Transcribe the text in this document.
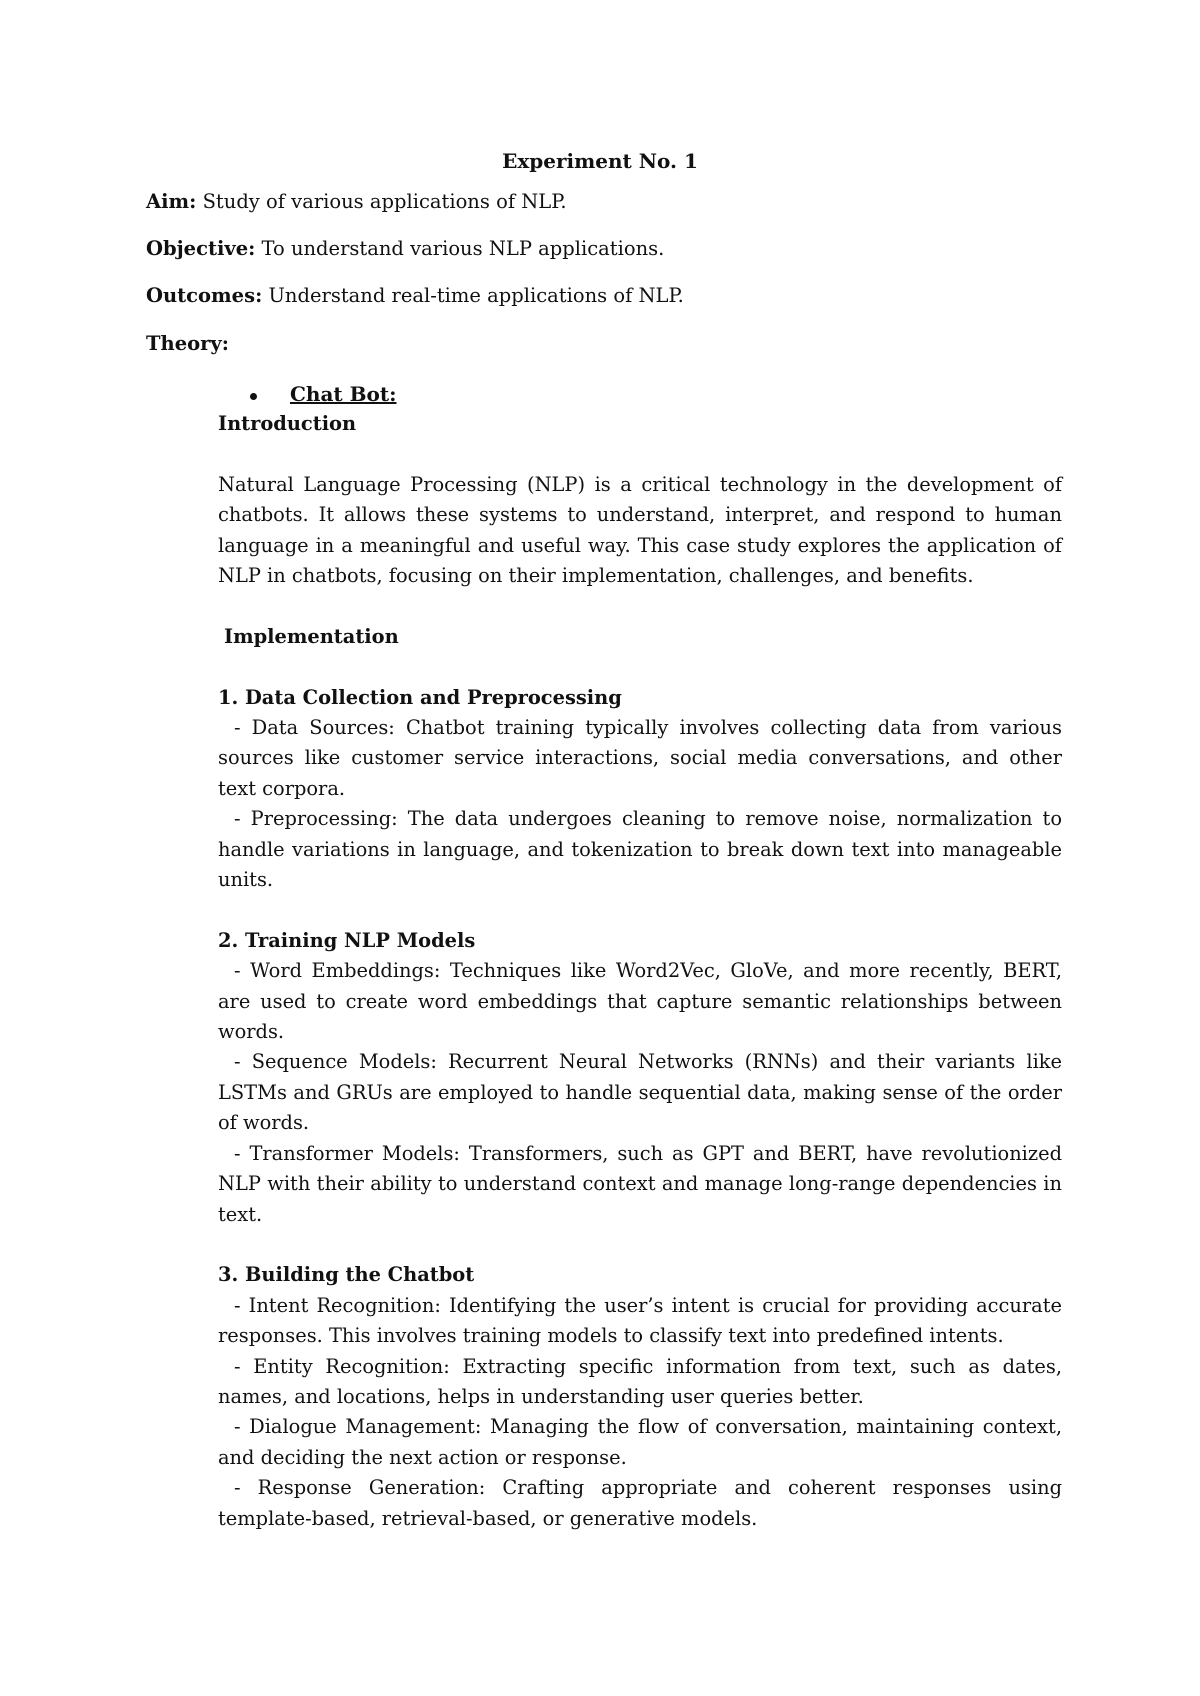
Experiment No. 1
Aim: Study of various applications of NLP.
Objective: To understand various NLP applications.
Outcomes: Understand real-time applications of NLP.
Theory:
Chat Bot:
Introduction

Natural Language Processing (NLP) is a critical technology in the development of chatbots. It allows these systems to understand, interpret, and respond to human language in a meaningful and useful way. This case study explores the application of NLP in chatbots, focusing on their implementation, challenges, and benefits.

Implementation
1. Data Collection and Preprocessing

- Data Sources: Chatbot training typically involves collecting data from various sources like customer service interactions, social media conversations, and other text corpora.

- Preprocessing: The data undergoes cleaning to remove noise, normalization to handle variations in language, and tokenization to break down text into manageable units.

2. Training NLP Models

- Word Embeddings: Techniques like Word2Vec, GloVe, and more recently, BERT, are used to create word embeddings that capture semantic relationships between words.

- Sequence Models: Recurrent Neural Networks (RNNs) and their variants like LSTMs and GRUs are employed to handle sequential data, making sense of the order of words.

- Transformer Models: Transformers, such as GPT and BERT, have revolutionized NLP with their ability to understand context and manage long-range dependencies in text.

3. Building the Chatbot

- Intent Recognition: Identifying the user’s intent is crucial for providing accurate responses. This involves training models to classify text into predefined intents.

- Entity Recognition: Extracting specific information from text, such as dates, names, and locations, helps in understanding user queries better.

- Dialogue Management: Managing the flow of conversation, maintaining context, and deciding the next action or response.

- Response Generation: Crafting appropriate and coherent responses using template-based, retrieval-based, or generative models.
